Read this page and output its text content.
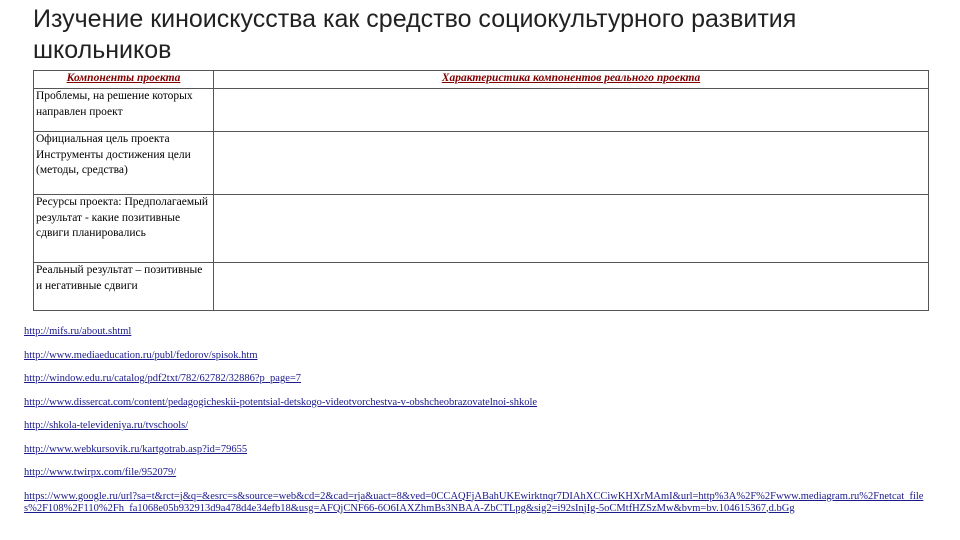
Изучение киноискусства как средство социокультурного развития школьников
Компоненты проекта	Характеристика компонентов реального проекта
Проблемы, на решение которых направлен проект	
Официальная цель проекта Инструменты достижения цели (методы, средства)	
Ресурсы проекта: Предполагаемый результат - какие позитивные сдвиги планировались	
Реальный результат – позитивные и негативные сдвиги	
http://mifs.ru/about.shtml
http://www.mediaeducation.ru/publ/fedorov/spisok.htm
http://window.edu.ru/catalog/pdf2txt/782/62782/32886?p_page=7
http://www.dissercat.com/content/pedagogicheskii-potentsial-detskogo-videotvorchestva-v-obshcheobrazovatelnoi-shkole
http://shkola-televideniya.ru/tvschools/
http://www.webkursovik.ru/kartgotrab.asp?id=79655
http://www.twirpx.com/file/952079/
https://www.google.ru/url?sa=t&rct=j&q=&esrc=s&source=web&cd=2&cad=rja&uact=8&ved=0CCAQFjABahUKEwirktnqr7DIAhXCCiwKHXrMAmI&url=http%3A%2F%2Fwww.mediagram.ru%2Fnetcat_files%2F108%2F110%2Fh_fa1068e05b932913d9a478d4e34efb18&usg=AFQjCNF66-6O6IAXZhmBs3NBAA-ZbCTLpg&sig2=i92sInjIg-5oCMtfHZSzMw&bvm=bv.104615367,d.bGg
